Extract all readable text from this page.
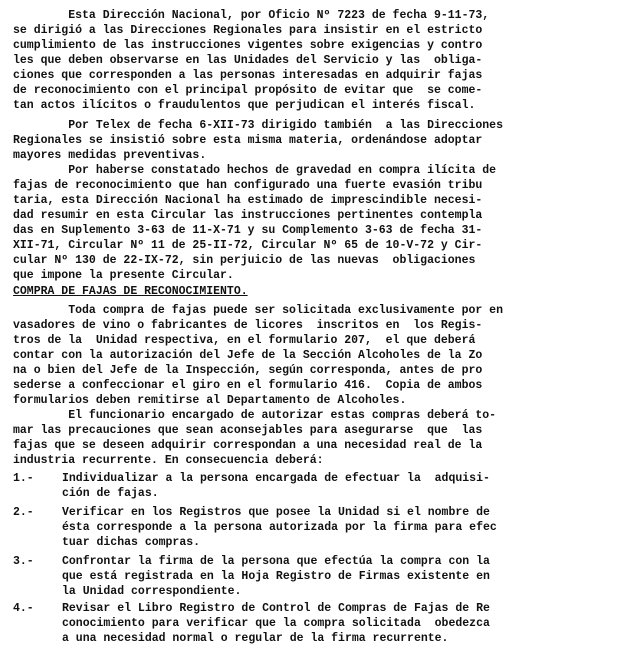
Esta Dirección Nacional, por Oficio Nº 7223 de fecha 9-11-73,
se dirigió a las Direcciones Regionales para insistir en el estricto
cumplimiento de las instrucciones vigentes sobre exigencias y contro
les que deben observarse en las Unidades del Servicio y las  obliga-
ciones que corresponden a las personas interesadas en adquirir fajas
de reconocimiento con el principal propósito de evitar que  se come-
tan actos ilícitos o fraudulentos que perjudican el interés fiscal.

Por Telex de fecha 6-XII-73 dirigido también  a las Direcciones
Regionales se insistió sobre esta misma materia, ordenándose adoptar
mayores medidas preventivas.

Por haberse constatado hechos de gravedad en compra ilícita de
fajas de reconocimiento que han configurado una fuerte evasión tribu
taria, esta Dirección Nacional ha estimado de imprescindible necesi-
dad resumir en esta Circular las instrucciones pertinentes contempla
das en Suplemento 3-63 de 11-X-71 y su Complemento 3-63 de fecha 31-
XII-71, Circular Nº 11 de 25-II-72, Circular Nº 65 de 10-V-72 y Cir-
cular Nº 130 de 22-IX-72, sin perjuicio de las nuevas  obligaciones
que impone la presente Circular.

COMPRA DE FAJAS DE RECONOCIMIENTO.

Toda compra de fajas puede ser solicitada exclusivamente por en
vasadores de vino o fabricantes de licores  inscritos en  los Regis-
tros de la  Unidad respectiva, en el formulario 207,  el que deberá
contar con la autorización del Jefe de la Sección Alcoholes de la Zo
na o bien del Jefe de la Inspección, según corresponda, antes de pro
sederse a confeccionar el giro en el formulario 416.  Copia de ambos
formularios deben remitirse al Departamento de Alcoholes.

El funcionario encargado de autorizar estas compras deberá to-
mar las precauciones que sean aconsejables para asegurarse  que  las
fajas que se deseen adquirir correspondan a una necesidad real de la
industria recurrente. En consecuencia deberá:

1.-	Individualizar a la persona encargada de efectuar la  adquisi-
ción de fajas.
2.-	Verificar en los Registros que posee la Unidad si el nombre de
ésta corresponde a la persona autorizada por la firma para efec
tuar dichas compras.
3.-	Confrontar la firma de la persona que efectúa la compra con la
que está registrada en la Hoja Registro de Firmas existente en
la Unidad correspondiente.
4.-	Revisar el Libro Registro de Control de Compras de Fajas de Re
conocimiento para verificar que la compra solicitada  obedezca
a una necesidad normal o regular de la firma recurrente.
